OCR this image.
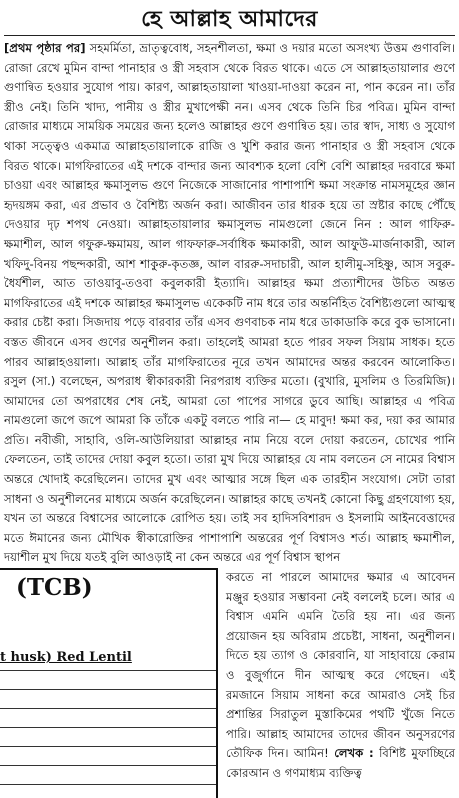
হে আল্লাহ আমাদের

[প্রথম পৃষ্ঠার পর] সহমর্মিতা, ভ্রাতৃত্ববোধ, সহনশীলতা, ক্ষমা ও দয়ার মতো অসংখ্য উত্তম গুণাবলি। রোজা রেখে মুমিন বান্দা পানাহার ও স্ত্রী সহবাস থেকে বিরত থাকে। এতে সে আল্লাহতায়ালার গুণে গুণান্বিত হওয়ার সুযোগ পায়। কারণ, আল্লাহতায়ালা খাওয়া-দাওয়া করেন না, পান করেন না। তাঁর স্ত্রীও নেই। তিনি খাদ্য, পানীয় ও স্ত্রীর মুখাপেক্ষী নন। এসব থেকে তিনি চির পবিত্র। মুমিন বান্দা রোজার মাধ্যমে সাময়িক সময়ের জন্য হলেও আল্লাহর গুণে গুণান্বিত হয়। তার স্বাদ, সাধ্য ও সুযোগ থাকা সত্ত্বেও একমাত্র আল্লাহতায়ালাকে রাজি ও খুশি করার জন্য পানাহার ও স্ত্রী সহবাস থেকে বিরত থাকে। মাগফিরাতের এই দশকে বান্দার জন্য আবশ্যক হলো বেশি বেশি আল্লাহর দরবারে ক্ষমা চাওয়া এবং আল্লাহর ক্ষমাসুলভ গুণে নিজেকে সাজানোর পাশাপাশি ক্ষমা সংক্রান্ত নামসমূহের জ্ঞান হৃদয়ঙ্গম করা, এর প্রভাব ও বৈশিষ্ট্য অর্জন করা। আজীবন তার ধারক হয়ে তা স্রষ্টার কাছে পৌঁছে দেওয়ার দৃঢ় শপথ নেওয়া। আল্লাহতায়ালার ক্ষমাসুলভ নামগুলো জেনে নিন : আল গাফিরু-ক্ষমাশীল, আল গফুরু-ক্ষমাময়, আল গাফফারু-সর্বাধিক ক্ষমাকারী, আল আফুউ-মার্জনাকারী, আল খফিদু-বিনয় পছন্দকারী, আশ শাকুরু-কৃতজ্ঞ, আল বাররু-সদাচারী, আল হালীমু-সহিষ্ণু, আস সবুরু-ধৈর্যশীল, আত তাওয়াবু-তওবা কবুলকারী ইত্যাদি। আল্লাহর ক্ষমা প্রত্যাশীদের উচিত অন্তত মাগফিরাতের এই দশকে আল্লাহর ক্ষমাসুলভ একেকটি নাম ধরে তার অন্তর্নিহিত বৈশিষ্ট্যগুলো আত্মস্থ করার চেষ্টা করা। সিজদায় পড়ে বারবার তাঁর এসব গুণবাচক নাম ধরে ডাকাডাকি করে বুক ভাসানো। বস্তত জীবনে এসব গুণের অনুশীলন করা। তাহলেই আমরা হতে পারব সফল সিয়াম সাধক। হতে পারব আল্লাহওয়ালা। আল্লাহ তাঁর মাগফিরাতের নূরে তখন আমাদের অন্তর করবেন আলোকিত। রসুল (সা.) বলেছেন, অপরাধ স্বীকারকারী নিরপরাধ ব্যক্তির মতো। (বুখারি, মুসলিম ও তিরমিজি)। আমাদের তো অপরাধের শেষ নেই, আমরা তো পাপের সাগরে ডুবে আছি। আল্লাহর এ পবিত্র নামগুলো জপে জপে আমরা কি তাঁকে একটু বলতে পারি না— হে মাবুদ! ক্ষমা কর, দয়া কর আমার প্রতি। নবীজী, সাহাবি, ওলি-আউলিয়ারা আল্লাহর নাম নিয়ে বলে দোয়া করতেন, চোখের পানি ফেলতেন, তাই তাদের দোয়া কবুল হতো। তারা মুখ দিয়ে আল্লাহর যে নাম বলতেন সে নামের বিশ্বাস অন্তরে খোদাই করেছিলেন। তাদের মুখ এবং আত্মার সঙ্গে ছিল এক তারহীন সংযোগ। সেটা তারা সাধনা ও অনুশীলনের মাধ্যমে অর্জন করেছিলেন। আল্লাহর কাছে তখনই কোনো কিছু গ্রহণযোগ্য হয়, যখন তা অন্তরে বিশ্বাসের আলোকে রোপিত হয়। তাই সব হাদিসবিশারদ ও ইসলামি আইনবেত্তাদের মতে ঈমানের জন্য মৌখিক স্বীকারোক্তির পাশাপাশি অন্তরের পূর্ণ বিশ্বাসও শর্ত। আল্লাহ ক্ষমাশীল, দয়াশীল মুখ দিয়ে যতই বুলি আওড়াই না কেন অন্তরে এর পূর্ণ বিশ্বাস স্থাপন

(TCB)
t husk) Red Lentil
করতে না পারলে আমাদের ক্ষমার এ আবেদন মঞ্জুর হওয়ার সম্ভাবনা নেই বললেই চলে। আর এ বিশ্বাস এমনি এমনি তৈরি হয় না। এর জন্য প্রয়োজন হয় অবিরাম প্রচেষ্টা, সাধনা, অনুশীলন। দিতে হয় ত্যাগ ও কোরবানি, যা সাহাবায়ে কেরাম ও বুজুর্গানে দীন আত্মস্থ করে গেছেন। এই রমজানে সিয়াম সাধনা করে আমরাও সেই চির প্রশান্তির সিরাতুল মুস্তাকিমের পথটি খুঁজে নিতে পারি। আল্লাহ আমাদের তাদের জীবন অনুসরণের তৌফিক দিন। আমিন! লেখক : বিশিষ্ট মুফাচ্ছিরে কোরআন ও গণমাধ্যম ব্যক্তিত্ব
